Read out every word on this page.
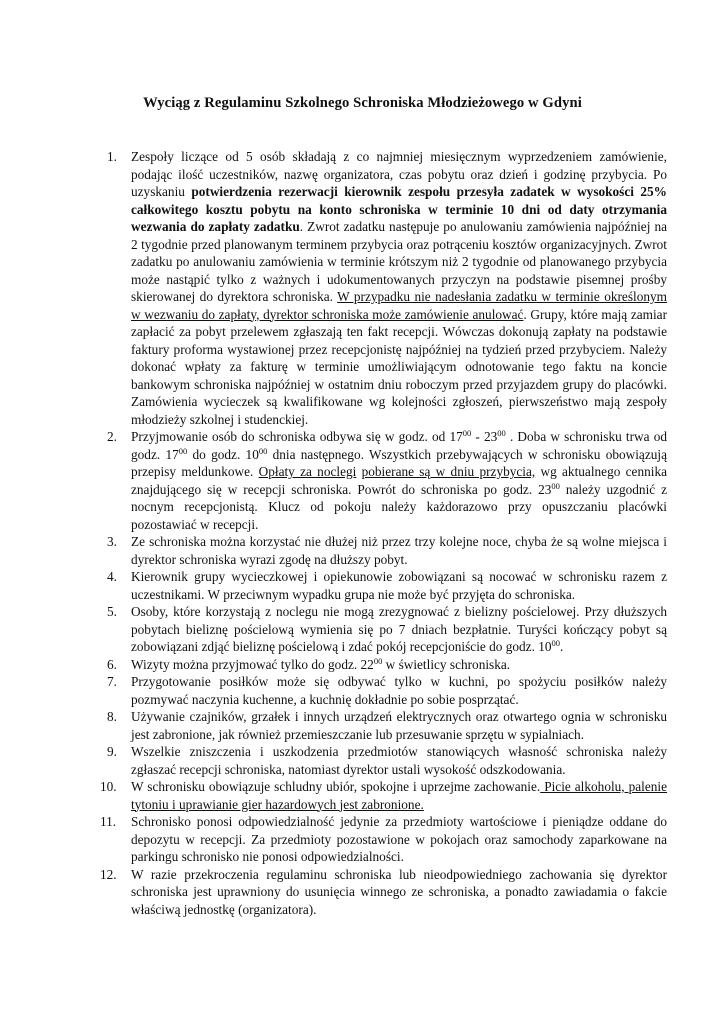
Wyciąg z Regulaminu Szkolnego Schroniska Młodzieżowego w Gdyni
1.	Zespoły liczące od 5 osób składają z co najmniej miesięcznym wyprzedzeniem zamówienie, podając ilość uczestników, nazwę organizatora, czas pobytu oraz dzień i godzinę przybycia. Po uzyskaniu potwierdzenia rezerwacji kierownik zespołu przesyła zadatek w wysokości 25% całkowitego kosztu pobytu na konto schroniska w terminie 10 dni od daty otrzymania wezwania do zapłaty zadatku. Zwrot zadatku następuje po anulowaniu zamówienia najpóźniej na 2 tygodnie przed planowanym terminem przybycia oraz potrąceniu kosztów organizacyjnych. Zwrot zadatku po anulowaniu zamówienia w terminie krótszym niż 2 tygodnie od planowanego przybycia może nastąpić tylko z ważnych i udokumentowanych przyczyn na podstawie pisemnej prośby skierowanej do dyrektora schroniska. W przypadku nie nadesłania zadatku w terminie określonym w wezwaniu do zapłaty, dyrektor schroniska może zamówienie anulować. Grupy, które mają zamiar zapłacić za pobyt przelewem zgłaszają ten fakt recepcji. Wówczas dokonują zapłaty na podstawie faktury proforma wystawionej przez recepcjonistę najpóźniej na tydzień przed przybyciem. Należy dokonać wpłaty za fakturę w terminie umożliwiającym odnotowanie tego faktu na koncie bankowym schroniska najpóźniej w ostatnim dniu roboczym przed przyjazdem grupy do placówki. Zamówienia wycieczek są kwalifikowane wg kolejności zgłoszeń, pierwszeństwo mają zespoły młodzieży szkolnej i studenckiej.
2.	Przyjmowanie osób do schroniska odbywa się w godz. od $17^{00} - 23^{00}$ . Doba w schronisku trwa od godz. $17^{00}$ do godz. $10^{00}$ dnia następnego. Wszystkich przebywających w schronisku obowiązują przepisy meldunkowe. Opłaty za noclegi pobierane są w dniu przybycia, wg aktualnego cennika znajdującego się w recepcji schroniska. Powrót do schroniska po godz. $23^{00}$ należy uzgodnić z nocnym recepcjonistą. Klucz od pokoju należy każdorazowo przy opuszczaniu placówki pozostawiać w recepcji.
3.	Ze schroniska można korzystać nie dłużej niż przez trzy kolejne noce, chyba że są wolne miejsca i dyrektor schroniska wyrazi zgodę na dłuższy pobyt.
4.	Kierownik grupy wycieczkowej i opiekunowie zobowiązani są nocować w schronisku razem z uczestnikami. W przeciwnym wypadku grupa nie może być przyjęta do schroniska.
5.	Osoby, które korzystają z noclegu nie mogą zrezygnować z bielizny pościelowej. Przy dłuższych pobytach bieliznę pościelową wymienia się po 7 dniach bezpłatnie. Turyści kończący pobyt są zobowiązani zdjąć bieliznę pościelową i zdać pokój recepcjoniście do godz. $10^{00}$.
6.	Wizyty można przyjmować tylko do godz. $22^{00}$ w świetlicy schroniska.
7.	Przygotowanie posiłków może się odbywać tylko w kuchni, po spożyciu posiłków należy pozmywać naczynia kuchenne, a kuchnię dokładnie po sobie posprzątać.
8.	Używanie czajników, grzałek i innych urządzeń elektrycznych oraz otwartego ognia w schronisku jest zabronione, jak również przemieszczanie lub przesuwanie sprzętu w sypialniach.
9.	Wszelkie zniszczenia i uszkodzenia przedmiotów stanowiących własność schroniska należy zgłaszać recepcji schroniska, natomiast dyrektor ustali wysokość odszkodowania.
10.	W schronisku obowiązuje schludny ubiór, spokojne i uprzejme zachowanie. Picie alkoholu, palenie tytoniu i uprawianie gier hazardowych jest zabronione.
11.	Schronisko ponosi odpowiedzialność jedynie za przedmioty wartościowe i pieniądze oddane do depozytu w recepcji. Za przedmioty pozostawione w pokojach oraz samochody zaparkowane na parkingu schronisko nie ponosi odpowiedzialności.
12.	W razie przekroczenia regulaminu schroniska lub nieodpowiedniego zachowania się dyrektor schroniska jest uprawniony do usunięcia winnego ze schroniska, a ponadto zawiadamia o fakcie właściwą jednostkę (organizatora).
